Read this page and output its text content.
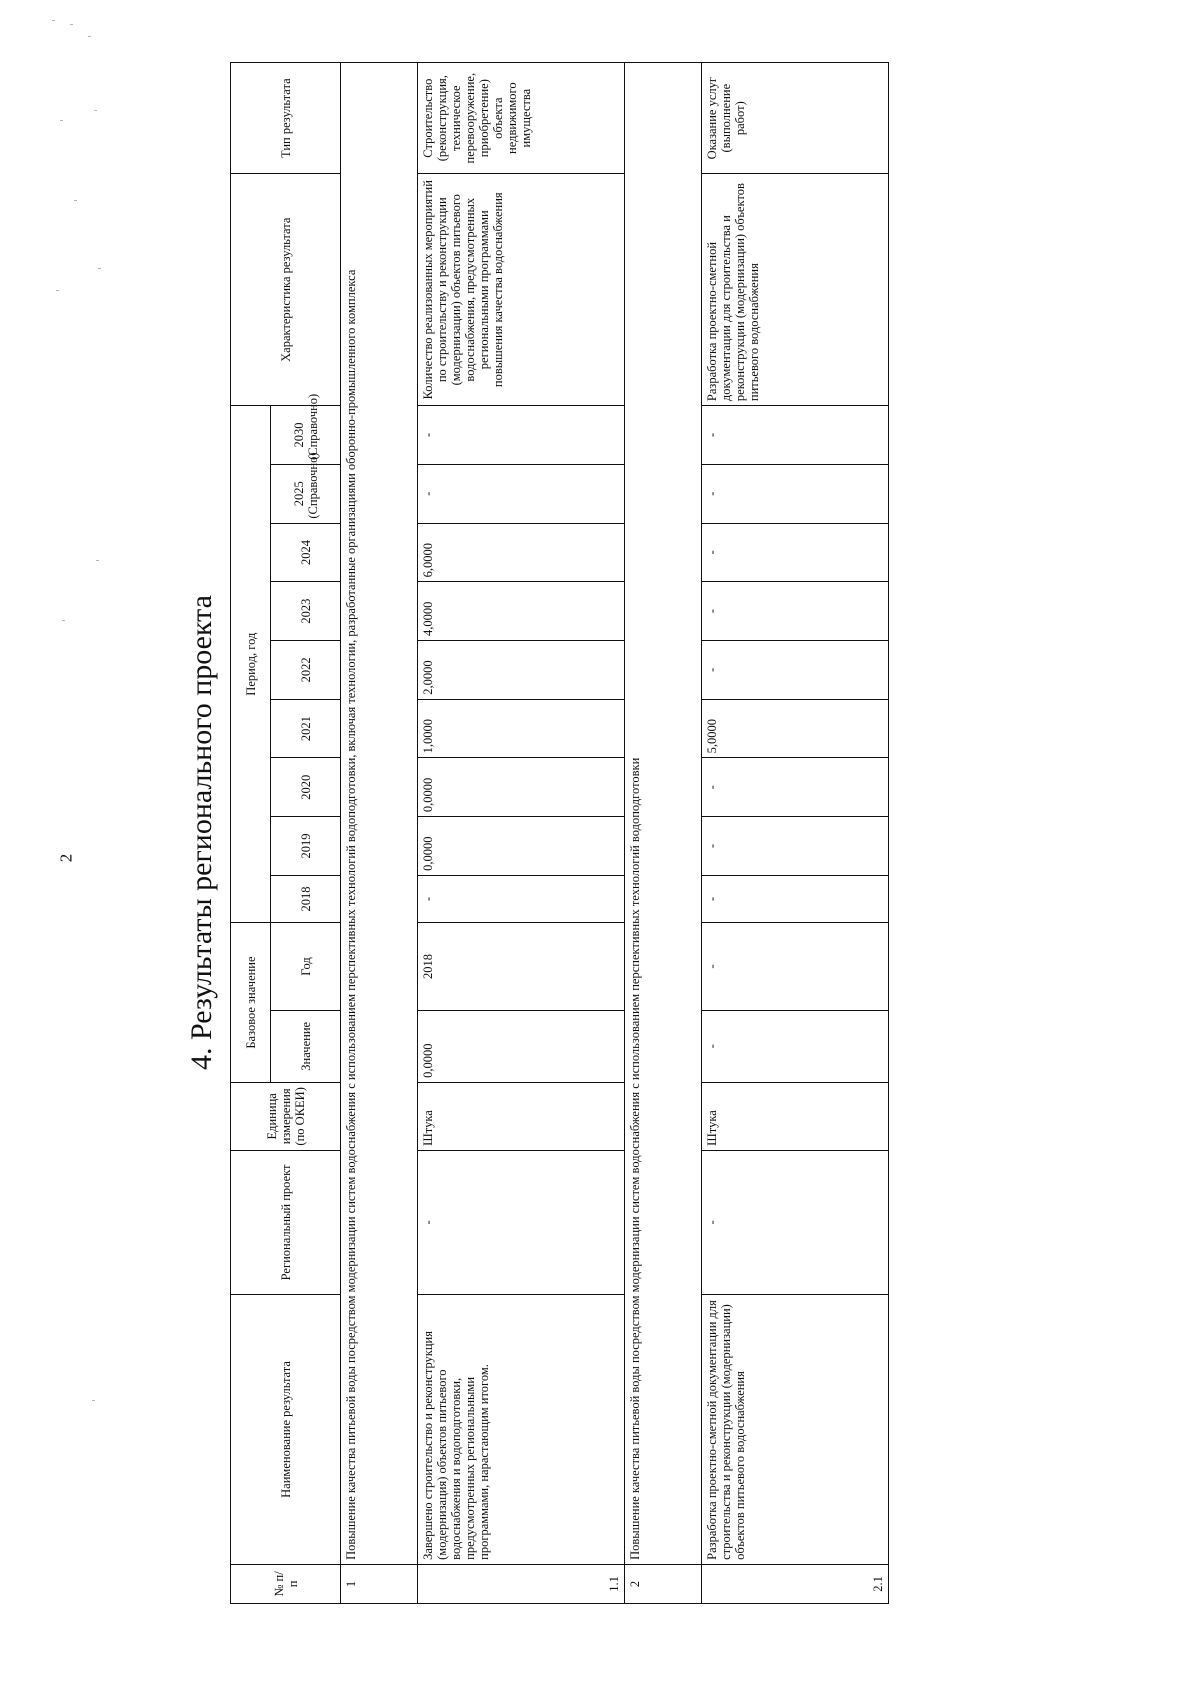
2	4. Результаты регионального проекта
№ п/п	Наименование результата	Региональный проект	Единица измерения (по ОКЕИ)	Базовое значение		Период, год									Характеристика результата	Тип результата
				Значение	Год	2018	2019	2020	2021	2022	2023	2024	2025 (Справочно)	2030 (Справочно)		
1	Повышение качества питьевой воды посредством модернизации систем водоснабжения с использованием перспективных технологий водоподготовки, включая технологии, разработанные организациями оборонно-промышленного комплекса															
1.1	Завершено строительство и реконструкция (модернизация) объектов питьевого водоснабжения и водоподготовки, предусмотренных региональными программами, нарастающим итогом.	-	Штука	0,0000	2018	-	0,0000	0,0000	1,0000	2,0000	4,0000	6,0000	-	-	Количество реализованных мероприятий по строительству и реконструкции (модернизации) объектов питьевого водоснабжения, предусмотренных региональными программами повышения качества водоснабжения	Строительство (реконструкция, техническое перевооружение, приобретение) объекта недвижимого имущества
2	Повышение качества питьевой воды посредством модернизации систем водоснабжения с использованием перспективных технологий водоподготовки															
2.1	Разработка проектно-сметной документации для строительства и реконструкции (модернизации) объектов питьевого водоснабжения	-	Штука	-	-	-	-	-	5,0000	-	-	-	-	-	Разработка проектно-сметной документации для строительства и реконструкции (модернизации) объектов питьевого водоснабжения	Оказание услуг (выполнение работ)
